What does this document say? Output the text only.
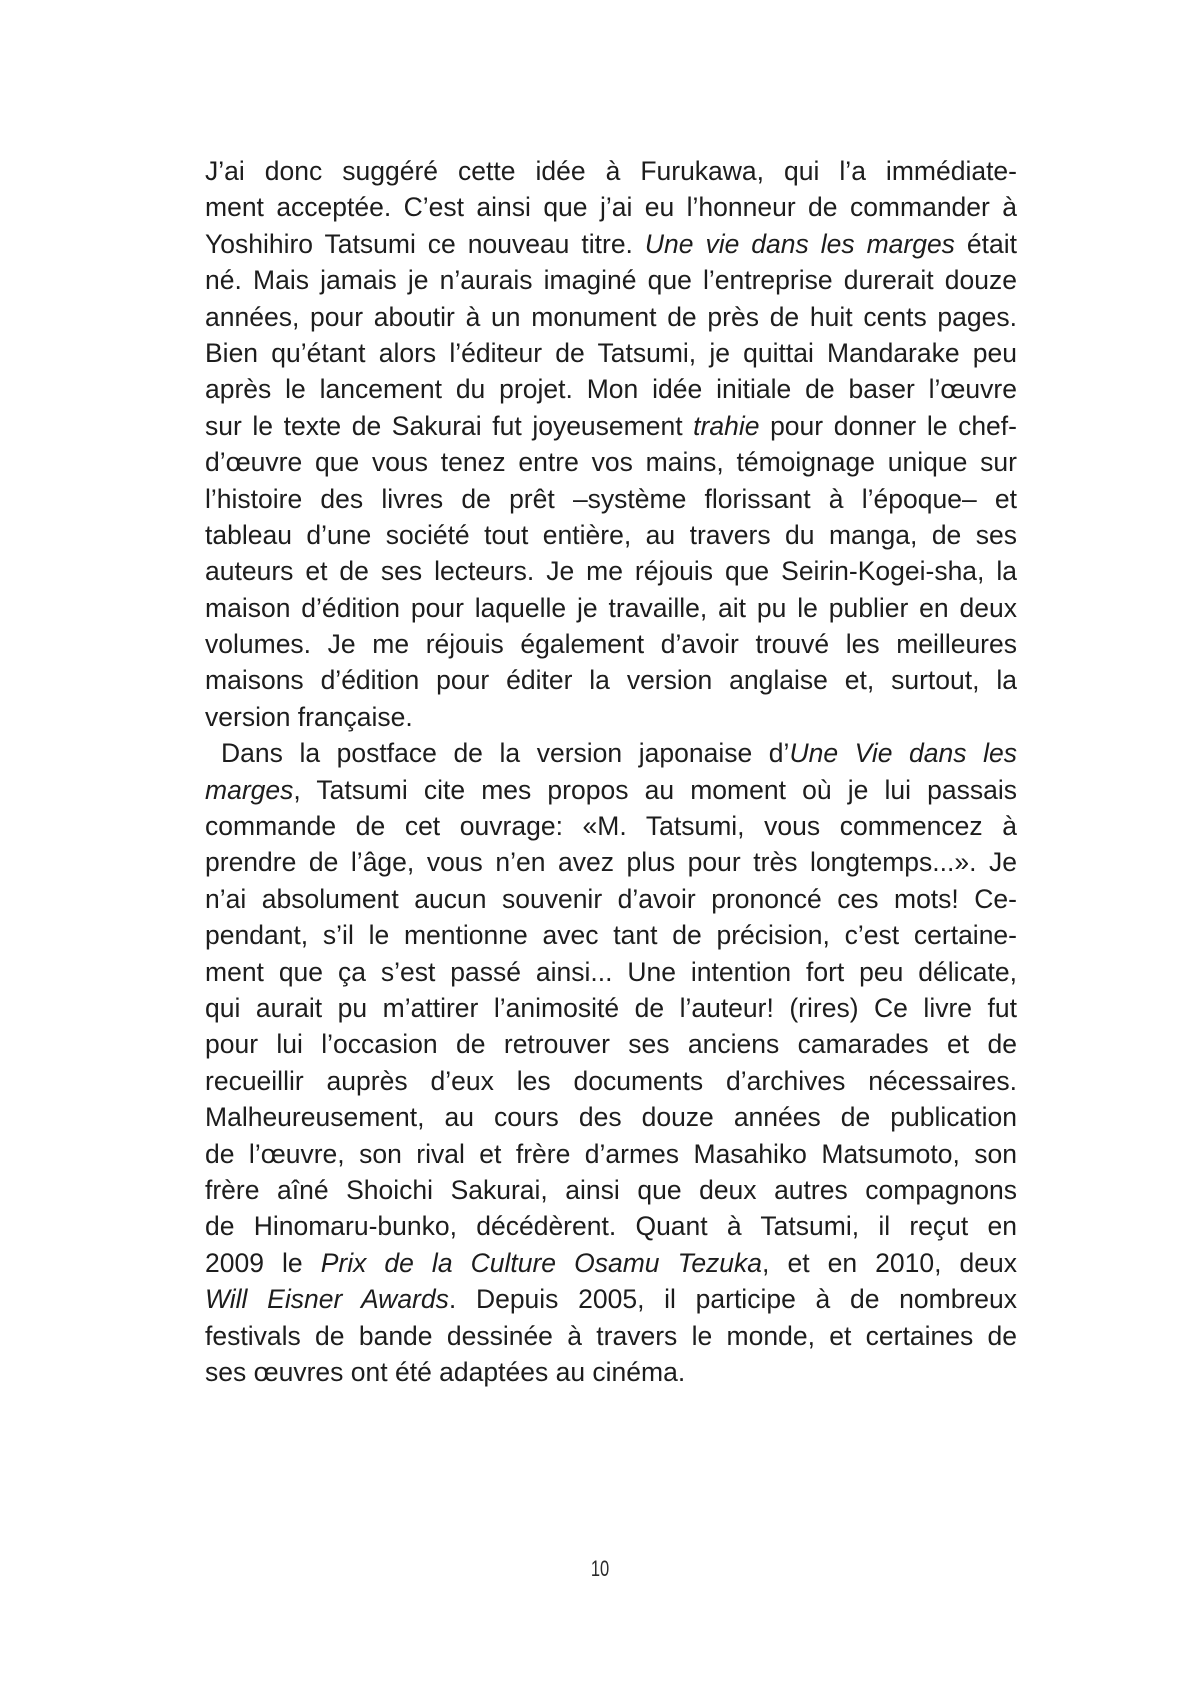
J’ai donc suggéré cette idée à Furukawa, qui l’a immédiate-
ment acceptée. C’est ainsi que j’ai eu l’honneur de commander à
Yoshihiro Tatsumi ce nouveau titre. Une vie dans les marges était
né. Mais jamais je n’aurais imaginé que l’entreprise durerait douze
années, pour aboutir à un monument de près de huit cents pages.
Bien qu’étant alors l’éditeur de Tatsumi, je quittai Mandarake peu
après le lancement du projet. Mon idée initiale de baser l’œuvre
sur le texte de Sakurai fut joyeusement trahie pour donner le chef-
d’œuvre que vous tenez entre vos mains, témoignage unique sur
l’histoire des livres de prêt –système florissant à l’époque– et
tableau d’une société tout entière, au travers du manga, de ses
auteurs et de ses lecteurs. Je me réjouis que Seirin-Kogei-sha, la
maison d’édition pour laquelle je travaille, ait pu le publier en deux
volumes. Je me réjouis également d’avoir trouvé les meilleures
maisons d’édition pour éditer la version anglaise et, surtout, la
version française.
Dans la postface de la version japonaise d’Une Vie dans les
marges, Tatsumi cite mes propos au moment où je lui passais
commande de cet ouvrage: «M. Tatsumi, vous commencez à
prendre de l’âge, vous n’en avez plus pour très longtemps...». Je
n’ai absolument aucun souvenir d’avoir prononcé ces mots! Ce-
pendant, s’il le mentionne avec tant de précision, c’est certaine-
ment que ça s’est passé ainsi... Une intention fort peu délicate,
qui aurait pu m’attirer l’animosité de l’auteur! (rires) Ce livre fut
pour lui l’occasion de retrouver ses anciens camarades et de
recueillir auprès d’eux les documents d’archives nécessaires.
Malheureusement, au cours des douze années de publication
de l’œuvre, son rival et frère d’armes Masahiko Matsumoto, son
frère aîné Shoichi Sakurai, ainsi que deux autres compagnons
de Hinomaru-bunko, décédèrent. Quant à Tatsumi, il reçut en
2009 le Prix de la Culture Osamu Tezuka, et en 2010, deux
Will Eisner Awards. Depuis 2005, il participe à de nombreux
festivals de bande dessinée à travers le monde, et certaines de
ses œuvres ont été adaptées au cinéma.
10
